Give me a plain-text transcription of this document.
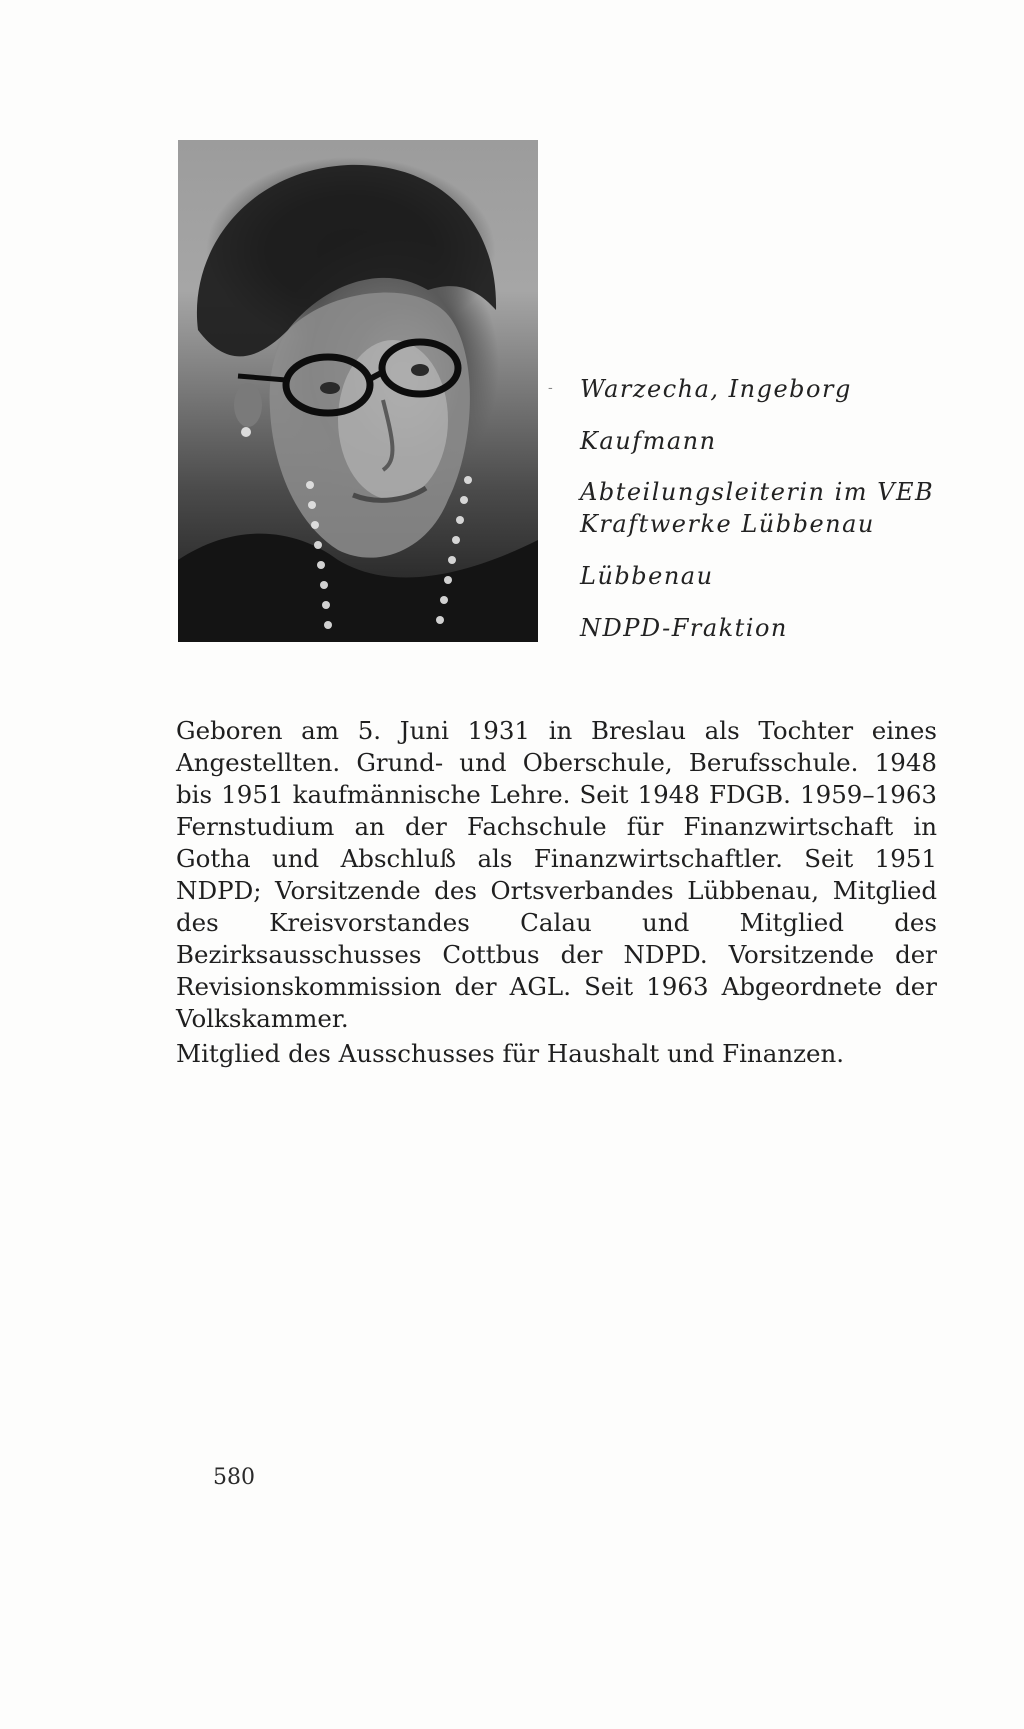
- Warzecha, Ingeborg
Kaufmann
Abteilungsleiterin im VEB
Kraftwerke Lübbenau
Lübbenau
NDPD-Fraktion

Geboren am 5. Juni 1931 in Breslau als Tochter eines Angestellten. Grund- und Oberschule, Berufsschule. 1948 bis 1951 kaufmännische Lehre. Seit 1948 FDGB. 1959–1963 Fernstudium an der Fachschule für Finanzwirtschaft in Gotha und Abschluß als Finanzwirtschaftler. Seit 1951 NDPD; Vorsitzende des Ortsverbandes Lübbenau, Mitglied des Kreisvorstandes Calau und Mitglied des Bezirksausschusses Cottbus der NDPD. Vorsitzende der Revisionskommission der AGL. Seit 1963 Abgeordnete der Volkskammer.

Mitglied des Ausschusses für Haushalt und Finanzen.

580
